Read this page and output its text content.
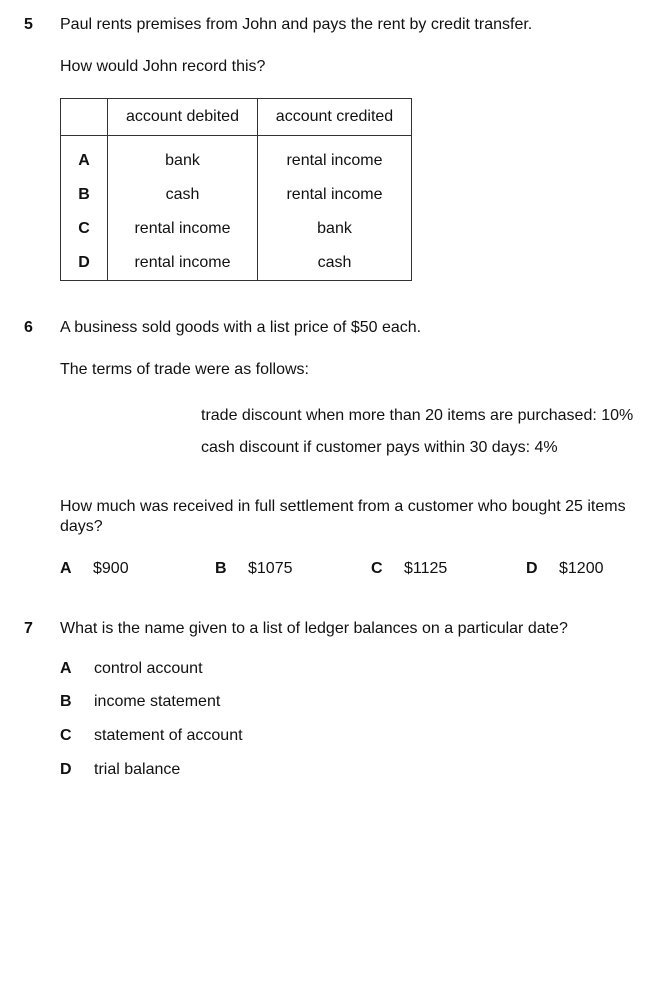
5 Paul rents premises from John and pays the rent by credit transfer.
How would John record this?
	account debited	account credited
A	bank	rental income
B	cash	rental income
C	rental income	bank
D	rental income	cash
6 A business sold goods with a list price of $50 each.
The terms of trade were as follows:
trade discount when more than 20 items are purchased: 10%
cash discount if customer pays within 30 days: 4%
How much was received in full settlement from a customer who bought 25 items
days?
A $900	B $1075	C $1125	D $1200
7 What is the name given to a list of ledger balances on a particular date?
A control account
B income statement
C statement of account
D trial balance
